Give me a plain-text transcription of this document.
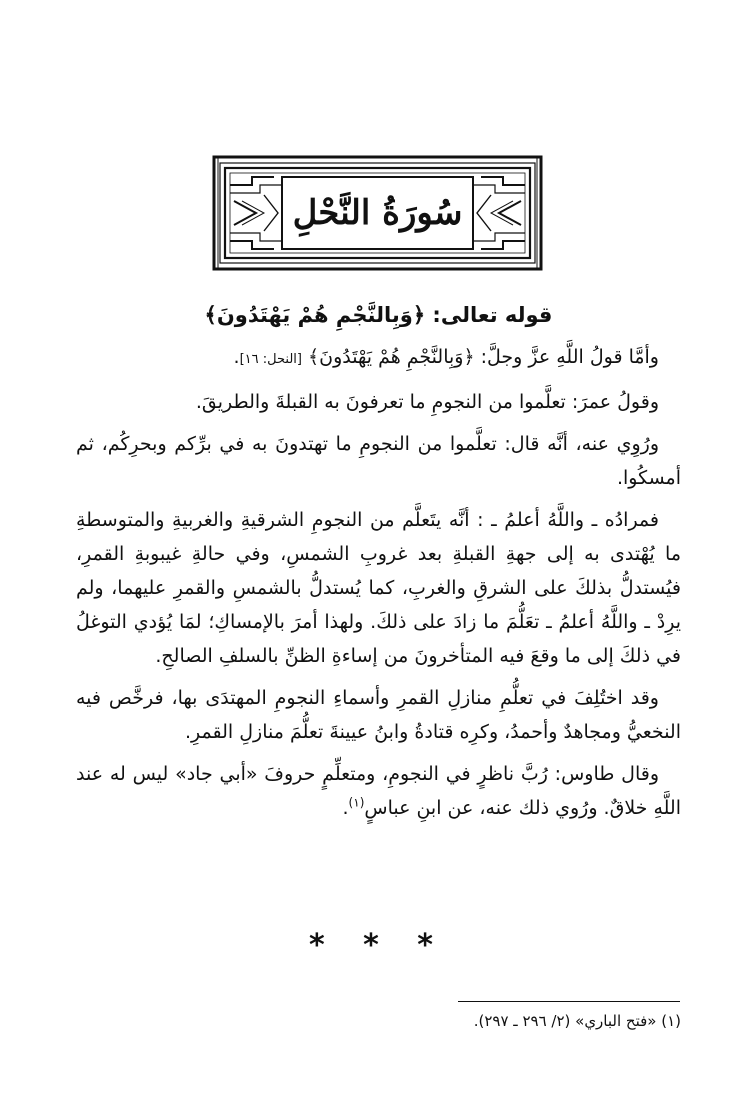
سُورَةُ النَّحْلِ
قوله تعالى: ﴿وَبِالنَّجْمِ هُمْ يَهْتَدُونَ﴾

وأمَّا قولُ اللَّهِ عزَّ وجلَّ: ﴿وَبِالنَّجْمِ هُمْ يَهْتَدُونَ﴾ [النحل: ١٦].

وقولُ عمرَ: تعلَّموا من النجومِ ما تعرفونَ به القبلةَ والطريقَ.

ورُوِي عنه، أنَّه قال: تعلَّموا من النجومِ ما تهتدونَ به في برِّكم وبحرِكُم، ثم أمسكُوا.

فمرادُه ـ واللَّهُ أعلمُ ـ : أنَّه يتَعلَّم من النجومِ الشرقيةِ والغربيةِ والمتوسطةِ ما يُهْتدى به إلى جهةِ القبلةِ بعد غروبِ الشمسِ، وفي حالةِ غيبوبةِ القمرِ، فيُستدلُّ بذلكَ على الشرقِ والغربِ، كما يُستدلُّ بالشمسِ والقمرِ عليهما، ولم يرِدْ ـ واللَّهُ أعلمُ ـ تعَلُّمَ ما زادَ على ذلكَ. ولهذا أمرَ بالإمساكِ؛ لمَا يُؤدي التوغلُ في ذلكَ إلى ما وقعَ فيه المتأخرونَ من إساءةِ الظنِّ بالسلفِ الصالحِ.

وقد اختُلِفَ في تعلُّمِ منازلِ القمرِ وأسماءِ النجومِ المهتدَى بها، فرخَّص فيه النخعيُّ ومجاهدٌ وأحمدُ، وكرِه قتادةُ وابنُ عيينةَ تعلُّمَ منازلِ القمرِ.

وقال طاوس: رُبَّ ناظرٍ في النجومِ، ومتعلِّمٍ حروفَ «أبي جاد» ليس له عند اللَّهِ خلاقٌ. ورُوي ذلك عنه، عن ابنِ عباسٍ$^{(١)}$.

* * *
(١) «فتح الباري» (٢/ ٢٩٦ ـ ٢٩٧).
